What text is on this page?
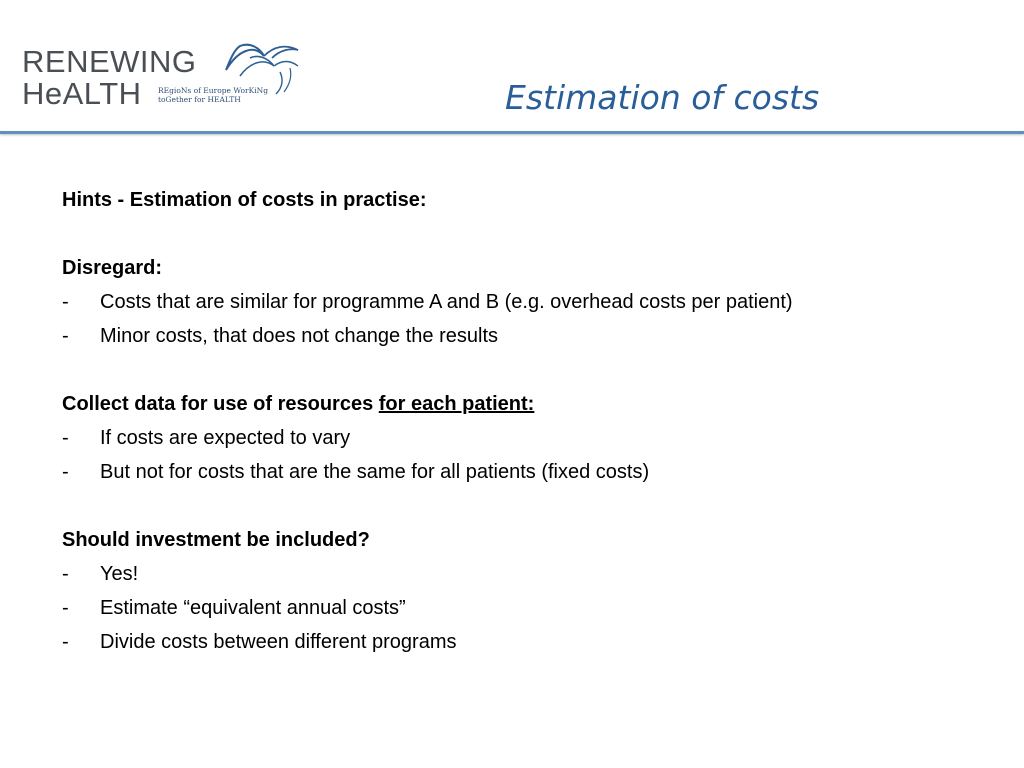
RENEWING
HeALTH REgioNs of Europe WorKiNg
toGether for HEALTH	Estimation of costs
Hints - Estimation of costs in practise:
Disregard:
- Costs that are similar for programme A and B (e.g. overhead costs per patient)
- Minor costs, that does not change the results
Collect data for use of resources for each patient:
- If costs are expected to vary
- But not for costs that are the same for all patients (fixed costs)
Should investment be included?
- Yes!
- Estimate “equivalent annual costs”
- Divide costs between different programs
